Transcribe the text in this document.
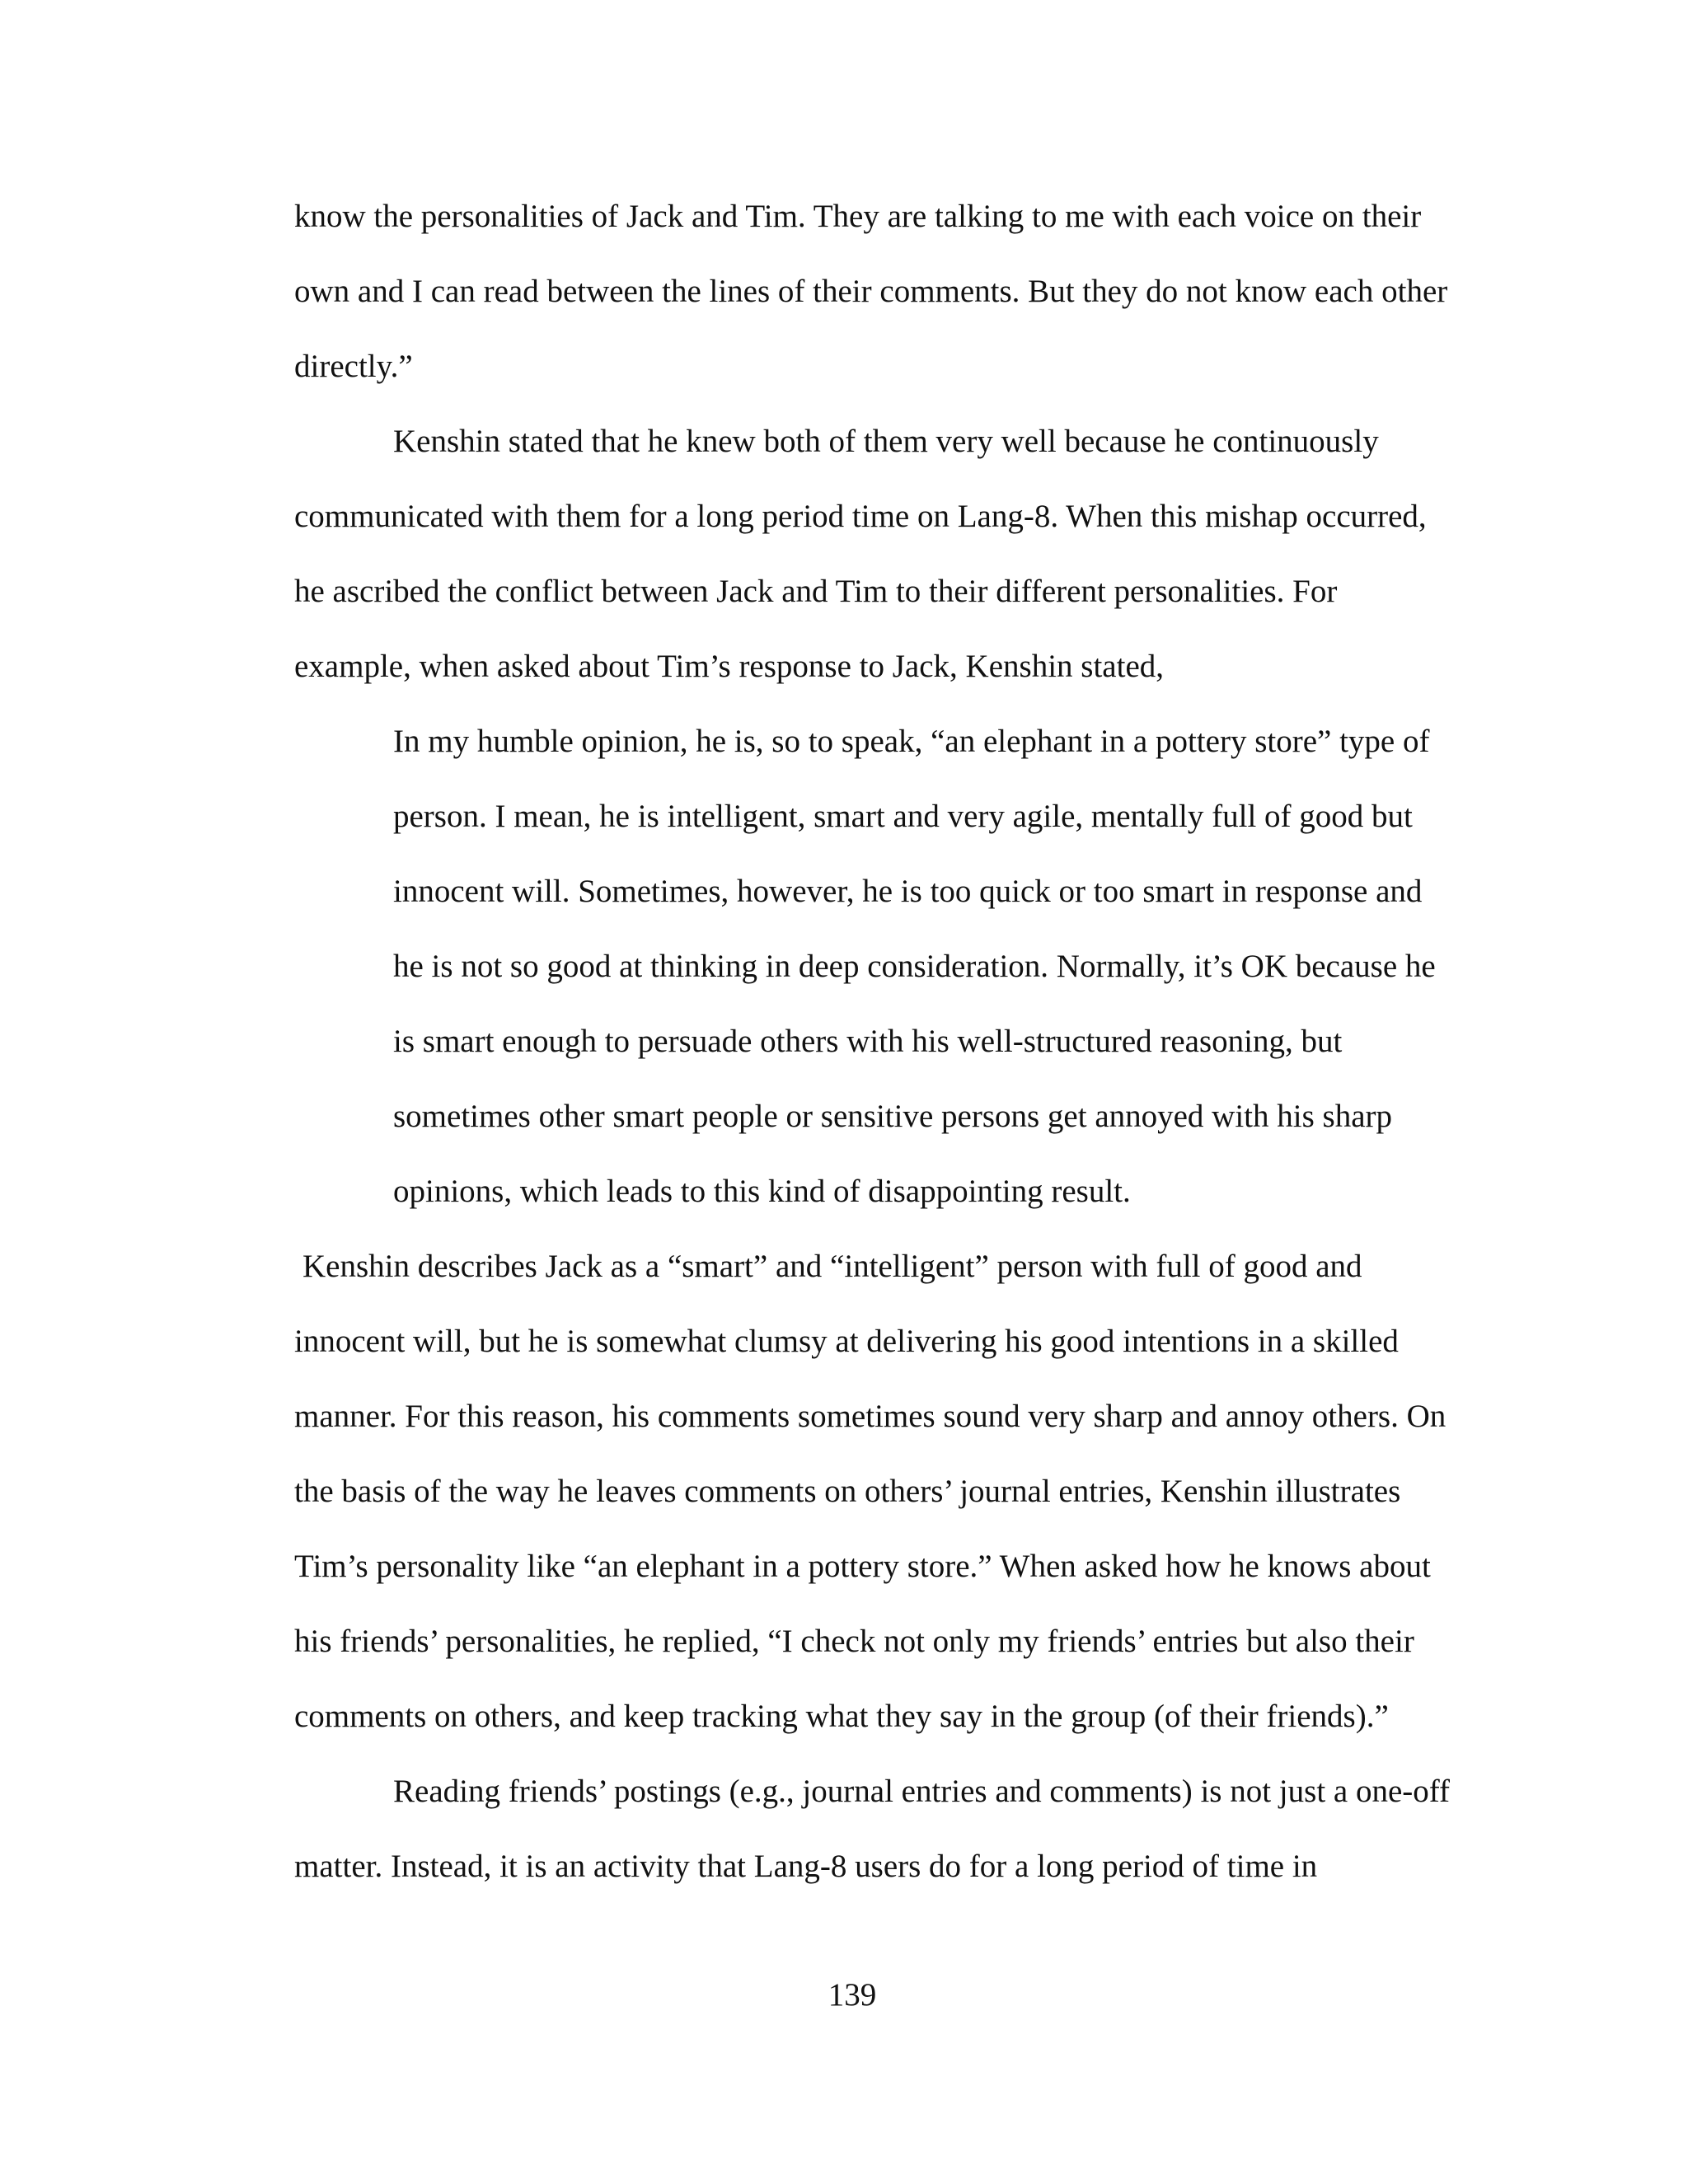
know the personalities of Jack and Tim. They are talking to me with each voice on their
own and I can read between the lines of their comments. But they do not know each other
directly.”
Kenshin stated that he knew both of them very well because he continuously
communicated with them for a long period time on Lang-8. When this mishap occurred,
he ascribed the conflict between Jack and Tim to their different personalities. For
example, when asked about Tim’s response to Jack, Kenshin stated,
In my humble opinion, he is, so to speak, “an elephant in a pottery store” type of
person. I mean, he is intelligent, smart and very agile, mentally full of good but
innocent will. Sometimes, however, he is too quick or too smart in response and
he is not so good at thinking in deep consideration. Normally, it’s OK because he
is smart enough to persuade others with his well-structured reasoning, but
sometimes other smart people or sensitive persons get annoyed with his sharp
opinions, which leads to this kind of disappointing result.
Kenshin describes Jack as a “smart” and “intelligent” person with full of good and
innocent will, but he is somewhat clumsy at delivering his good intentions in a skilled
manner. For this reason, his comments sometimes sound very sharp and annoy others. On
the basis of the way he leaves comments on others’ journal entries, Kenshin illustrates
Tim’s personality like “an elephant in a pottery store.” When asked how he knows about
his friends’ personalities, he replied, “I check not only my friends’ entries but also their
comments on others, and keep tracking what they say in the group (of their friends).”
Reading friends’ postings (e.g., journal entries and comments) is not just a one-off
matter. Instead, it is an activity that Lang-8 users do for a long period of time in
139
